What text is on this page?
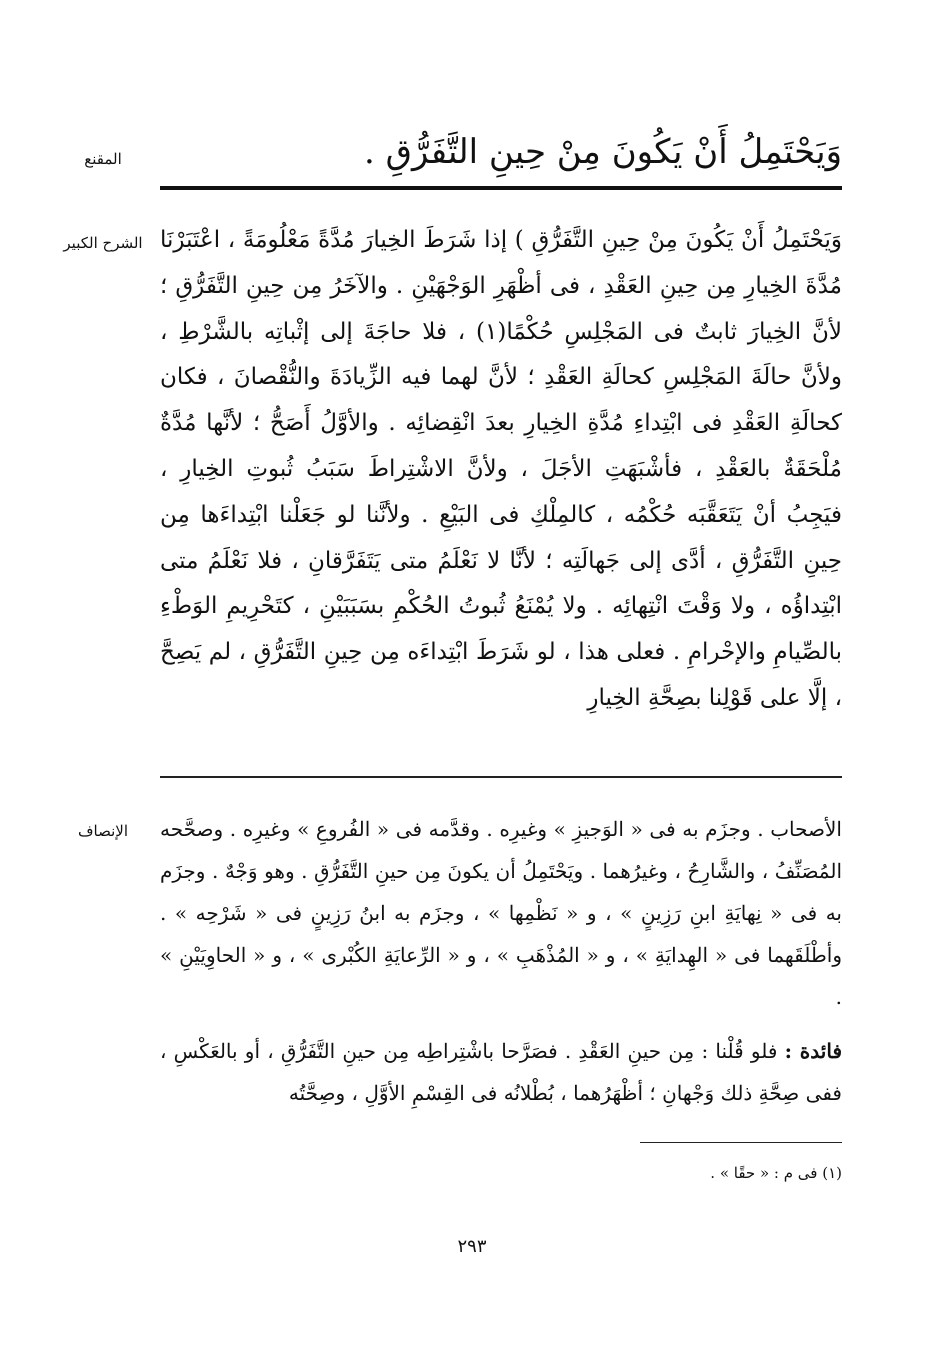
المقنع	وَيَحْتَمِلُ أَنْ يَكُونَ مِنْ حِينِ التَّفَرُّقِ .
الشرح الكبير وَيَحْتَمِلُ أَنْ يَكُونَ مِنْ حِينِ التَّفَرُّقِ ) إذا شَرَطَ الخِيارَ مُدَّةً مَعْلُومَةً ، اعْتَبَرْنَا مُدَّةَ الخِيارِ مِن حِينِ العَقْدِ ، فى أظْهَرِ الوَجْهَيْنِ . والآخَرُ مِن حِينِ التَّفَرُّقِ ؛ لأنَّ الخِيارَ ثابتٌ فى المَجْلِسِ حُكْمًا(١) ، فلا حاجَةَ إلى إثْباتِه بالشَّرْطِ ، ولأنَّ حالَةَ المَجْلِسِ كحالَةِ العَقْدِ ؛ لأنَّ لهما فيه الزِّيادَةَ والنُّقْصانَ ، فكان كحالَةِ العَقْدِ فى ابْتِداءِ مُدَّةِ الخِيارِ بعدَ انْقِضائِه . والأوَّلُ أَصَحُّ ؛ لأنَّها مُدَّةٌ مُلْحَقَةٌ بالعَقْدِ ، فأشْبَهَتِ الأجَلَ ، ولأنَّ الاشْتِراطَ سَبَبُ ثُبوتِ الخِيارِ ، فيَجِبُ أنْ يَتَعَقَّبَه حُكْمُه ، كالمِلْكِ فى البَيْعِ . ولأنَّنا لو جَعَلْنا ابْتِداءَها مِن حِينِ التَّفَرُّقِ ، أدَّى إلى جَهالَتِه ؛ لأنَّا لا نَعْلَمُ متى يَتَفَرَّقانِ ، فلا نَعْلَمُ متى ابْتِداؤُه ، ولا وَقْتَ انْتِهائِه . ولا يُمْنَعُ ثُبوتُ الحُكْمِ بسَبَبَيْنِ ، كتَحْرِيمِ الوَطْءِ بالصِّيامِ والإحْرامِ . فعلى هذا ، لو شَرَطَ ابْتِداءَه مِن حِينِ التَّفَرُّقِ ، لم يَصِحَّ ، إلَّا على قَوْلِنا بصِحَّةِ الخِيارِ
الإنصاف	الأصحاب . وجزَم به فى « الوَجيزِ » وغيرِه . وقدَّمه فى « الفُروعِ » وغيرِه . وصحَّحه المُصَنِّفُ ، والشَّارِحُ ، وغيرُهما . ويَحْتَمِلُ أن يكونَ مِن حينِ التَّفَرُّقِ . وهو وَجْهٌ . وجزَم به فى « نِهايَةِ ابنِ رَزِينٍ » ، و « نَظْمِها » ، وجزَم به ابنُ رَزِينٍ فى « شَرْحِه » . وأطْلَقَهما فى « الهِدايَةِ » ، و « المُذْهَبِ » ، و « الرِّعايَةِ الكُبْرى » ، و « الحاوِيَيْنِ » .
فائدة : فلو قُلْنا : مِن حينِ العَقْدِ . فصَرَّحا باشْتِراطِه مِن حينِ التَّفَرُّقِ ، أو بالعَكْسِ ، ففى صِحَّةِ ذلك وَجْهانِ ؛ أظْهَرُهما ، بُطْلانُه فى القِسْمِ الأوَّلِ ، وصِحَّتُه
(١) فى م : « حقًا » .
٢٩٣
